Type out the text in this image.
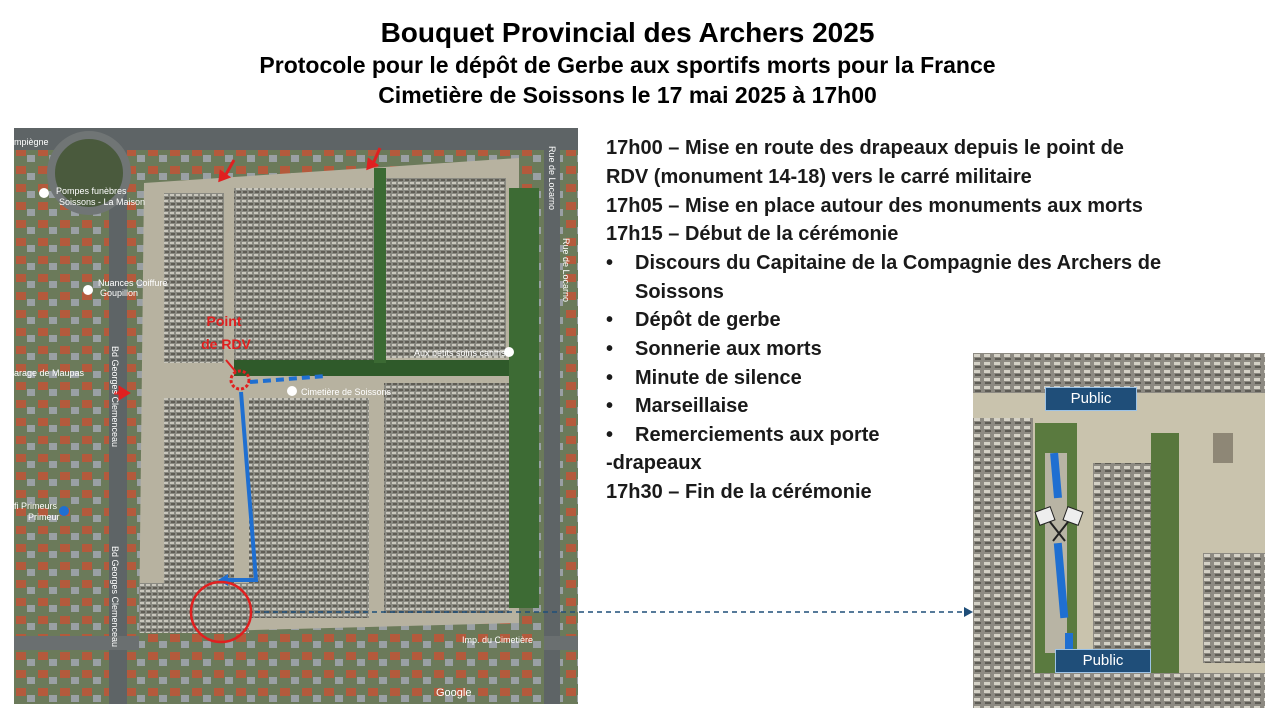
Bouquet Provincial des Archers 2025
Protocole pour le dépôt de Gerbe aux sportifs morts pour la France
Cimetière de Soissons le 17 mai 2025 à 17h00
Point
de RDV
mpiègne
Pompes funèbres
Soissons - La Maison
Nuances Coiffure
Goupillon
arage de Maupas
Aux petits soins canins
Cimetière de Soissons
fi Primeurs
Primeur
Imp. du Cimetière
Google
Bd Georges Clemenceau
Bd Georges Clemenceau
Rue de Locarno
Rue de Locarno
17h00 – Mise en route des drapeaux depuis le point de
RDV (monument 14-18) vers le carré militaire
17h05 – Mise en place autour des monuments aux morts
17h15 – Début de la cérémonie
• Discours du Capitaine de la Compagnie des Archers de
Soissons
• Dépôt de gerbe
• Sonnerie aux morts
• Minute de silence
• Marseillaise
• Remerciements aux porte
-drapeaux
17h30 – Fin de la cérémonie
Public
Public
